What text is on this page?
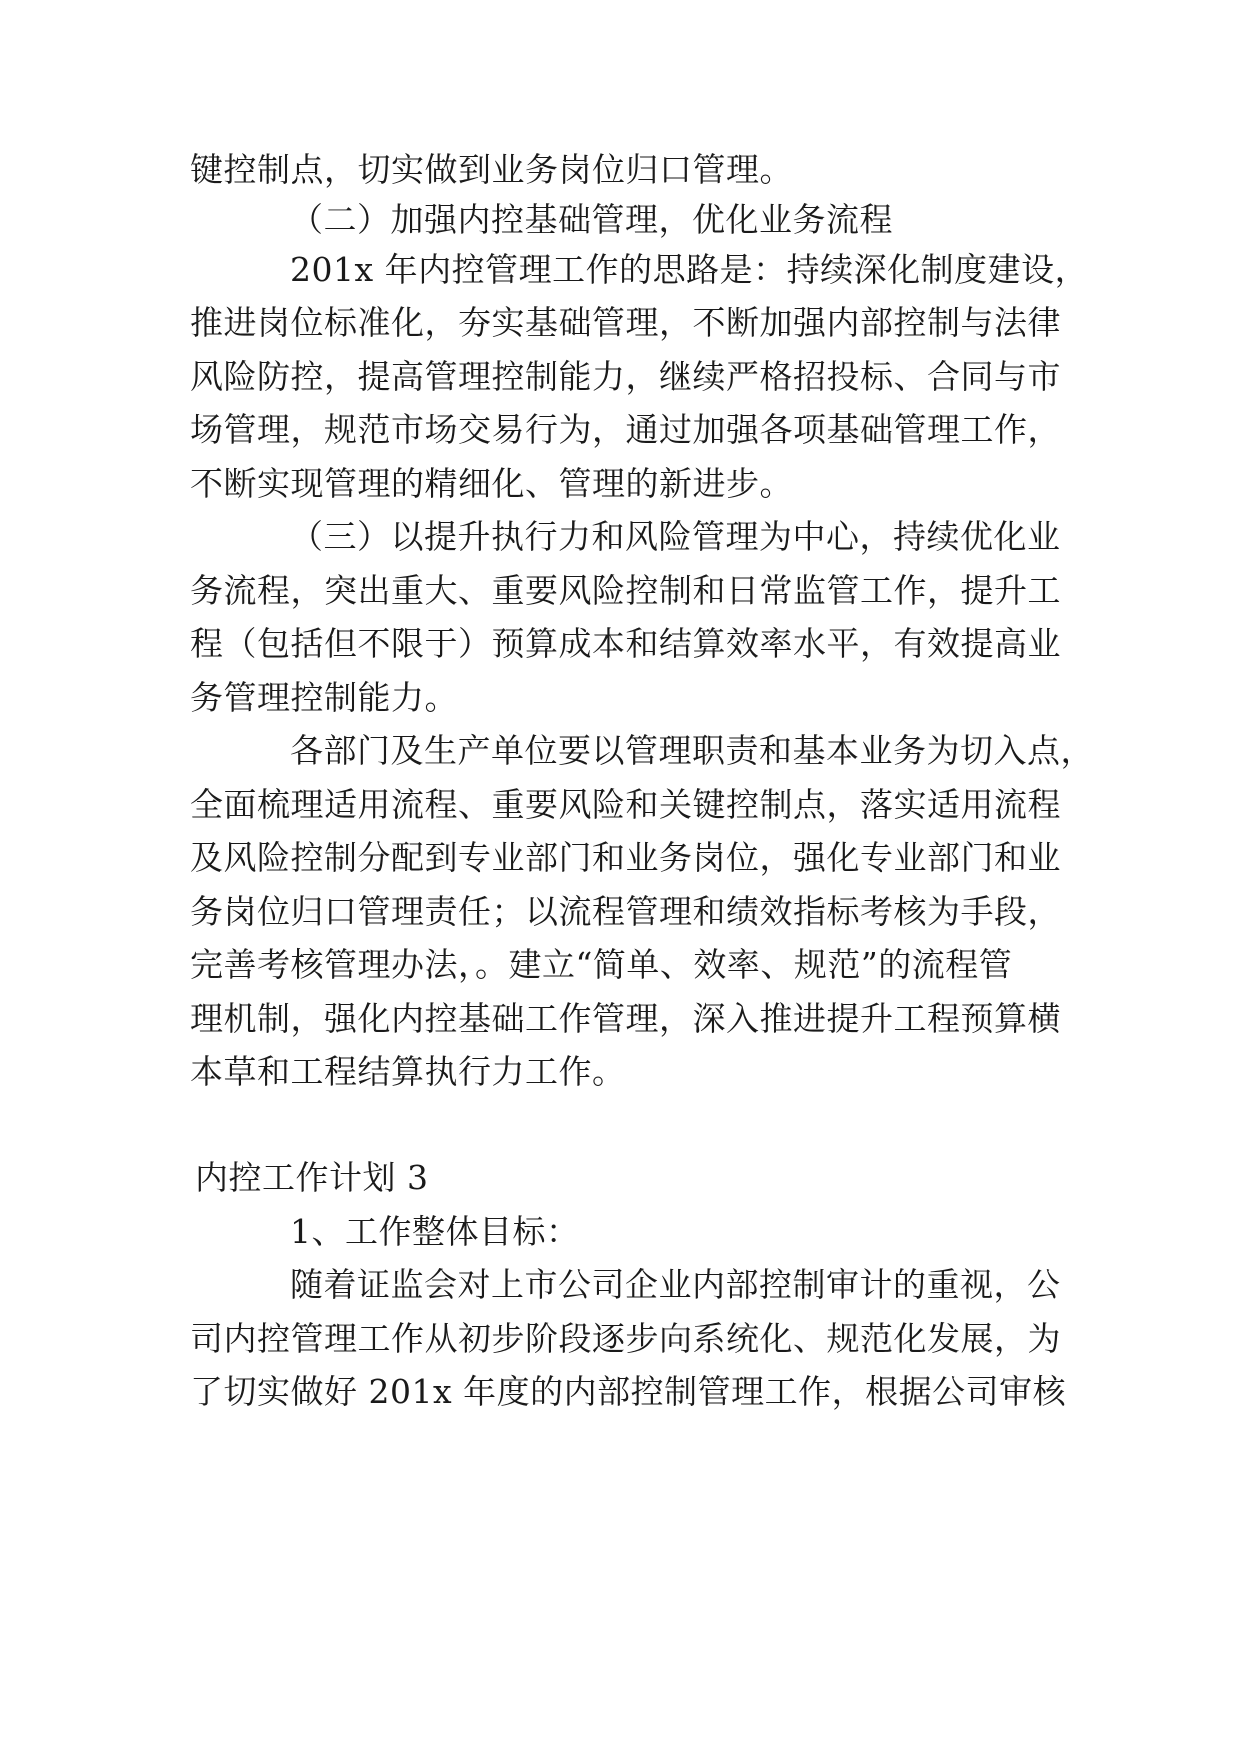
键控制点，切实做到业务岗位归口管理。
（二）加强内控基础管理，优化业务流程
201x 年内控管理工作的思路是：持续深化制度建设，
推进岗位标准化，夯实基础管理，不断加强内部控制与法律
风险防控，提高管理控制能力，继续严格招投标、合同与市
场管理，规范市场交易行为，通过加强各项基础管理工作，
不断实现管理的精细化、管理的新进步。
（三）以提升执行力和风险管理为中心，持续优化业
务流程，突出重大、重要风险控制和日常监管工作，提升工
程（包括但不限于）预算成本和结算效率水平，有效提高业
务管理控制能力。
各部门及生产单位要以管理职责和基本业务为切入点，
全面梳理适用流程、重要风险和关键控制点，落实适用流程
及风险控制分配到专业部门和业务岗位，强化专业部门和业
务岗位归口管理责任；以流程管理和绩效指标考核为手段，
完善考核管理办法，。建立“简单、效率、规范”的流程管
理机制，强化内控基础工作管理，深入推进提升工程预算横
本草和工程结算执行力工作。
内控工作计划 3
1、工作整体目标：
随着证监会对上市公司企业内部控制审计的重视，公
司内控管理工作从初步阶段逐步向系统化、规范化发展，为
了切实做好 201x 年度的内部控制管理工作，根据公司审核
